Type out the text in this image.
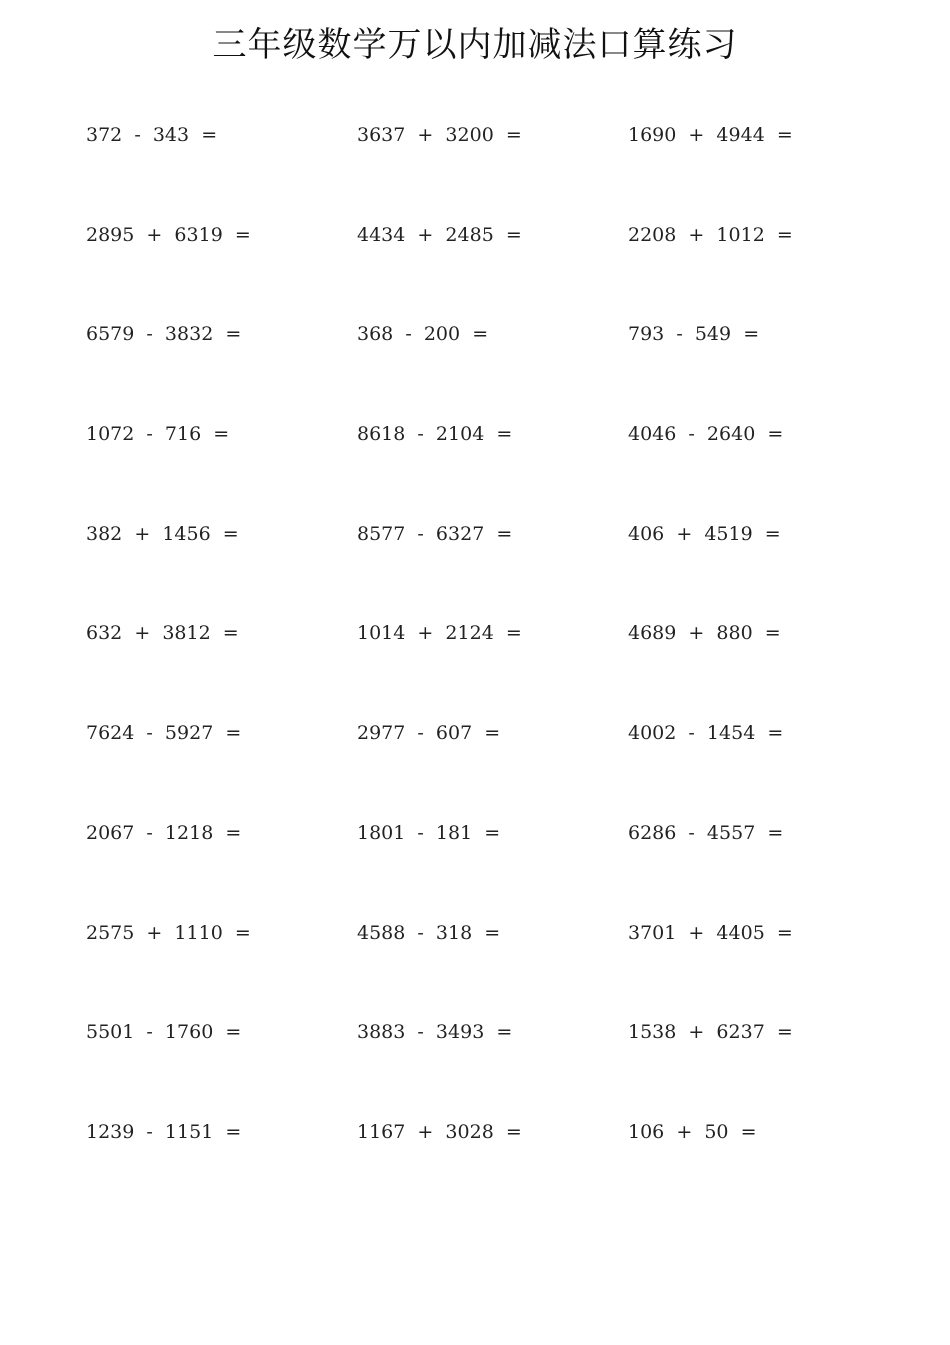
三年级数学万以内加减法口算练习
372  -  343  =	3637  +  3200  =	1690  +  4944  =
2895  +  6319  =	4434  +  2485  =	2208  +  1012  =
6579  -  3832  =	368  -  200  =	793  -  549  =
1072  -  716  =	8618  -  2104  =	4046  -  2640  =
382  +  1456  =	8577  -  6327  =	406  +  4519  =
632  +  3812  =	1014  +  2124  =	4689  +  880  =
7624  -  5927  =	2977  -  607  =	4002  -  1454  =
2067  -  1218  =	1801  -  181  =	6286  -  4557  =
2575  +  1110  =	4588  -  318  =	3701  +  4405  =
5501  -  1760  =	3883  -  3493  =	1538  +  6237  =
1239  -  1151  =	1167  +  3028  =	106  +  50  =
